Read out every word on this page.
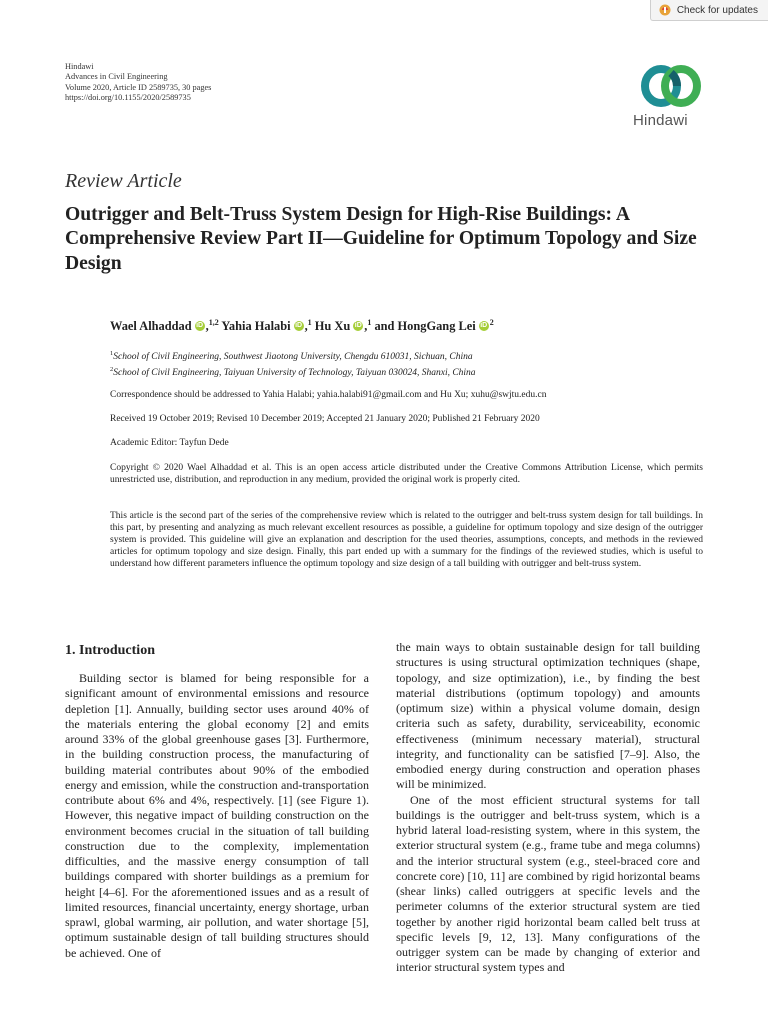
Check for updates
Hindawi
Advances in Civil Engineering
Volume 2020, Article ID 2589735, 30 pages
https://doi.org/10.1155/2020/2589735
Hindawi
Review Article
Outrigger and Belt-Truss System Design for High-Rise Buildings: A Comprehensive Review Part II—Guideline for Optimum Topology and Size Design
Wael Alhaddad iD ,$^{1,2}$ Yahia Halabi iD ,$^1$ Hu Xu iD ,$^1$ and HongGang Lei iD $^2$
$^1$School of Civil Engineering, Southwest Jiaotong University, Chengdu 610031, Sichuan, China
$^2$School of Civil Engineering, Taiyuan University of Technology, Taiyuan 030024, Shanxi, China
Correspondence should be addressed to Yahia Halabi; yahia.halabi91@gmail.com and Hu Xu; xuhu@swjtu.edu.cn
Received 19 October 2019; Revised 10 December 2019; Accepted 21 January 2020; Published 21 February 2020
Academic Editor: Tayfun Dede
Copyright © 2020 Wael Alhaddad et al. This is an open access article distributed under the Creative Commons Attribution License, which permits unrestricted use, distribution, and reproduction in any medium, provided the original work is properly cited.
This article is the second part of the series of the comprehensive review which is related to the outrigger and belt-truss system design for tall buildings. In this part, by presenting and analyzing as much relevant excellent resources as possible, a guideline for optimum topology and size design of the outrigger system is provided. This guideline will give an explanation and description for the used theories, assumptions, concepts, and methods in the reviewed articles for optimum topology and size design. Finally, this part ended up with a summary for the findings of the reviewed studies, which is useful to understand how different parameters influence the optimum topology and size design of a tall building with outrigger and belt-truss system.
1. Introduction

Building sector is blamed for being responsible for a significant amount of environmental emissions and resource depletion [1]. Annually, building sector uses around 40% of the materials entering the global economy [2] and emits around 33% of the global greenhouse gases [3]. Furthermore, in the building construction process, the manufacturing of building material contributes about 90% of the embodied energy and emission, while the construction and-transportation contribute about 6% and 4%, respectively. [1] (see Figure 1). However, this negative impact of building construction on the environment becomes crucial in the situation of tall building construction due to the complexity, implementation difficulties, and the massive energy consumption of tall buildings compared with shorter buildings as a premium for height [4–6]. For the aforementioned issues and as a result of limited resources, financial uncertainty, energy shortage, urban sprawl, global warming, air pollution, and water shortage [5], optimum sustainable design of tall building structures should be achieved. One of

the main ways to obtain sustainable design for tall building structures is using structural optimization techniques (shape, topology, and size optimization), i.e., by finding the best material distributions (optimum topology) and amounts (optimum size) within a physical volume domain, design criteria such as safety, durability, serviceability, economic effectiveness (minimum necessary material), structural integrity, and functionality can be satisfied [7–9]. Also, the embodied energy during construction and operation phases will be minimized.

One of the most efficient structural systems for tall buildings is the outrigger and belt-truss system, which is a hybrid lateral load-resisting system, where in this system, the exterior structural system (e.g., frame tube and mega columns) and the interior structural system (e.g., steel-braced core and concrete core) [10, 11] are combined by rigid horizontal beams (shear links) called outriggers at specific levels and the perimeter columns of the exterior structural system are tied together by another rigid horizontal beam called belt truss at specific levels [9, 12, 13]. Many configurations of the outrigger system can be made by changing of exterior and interior structural system types and
